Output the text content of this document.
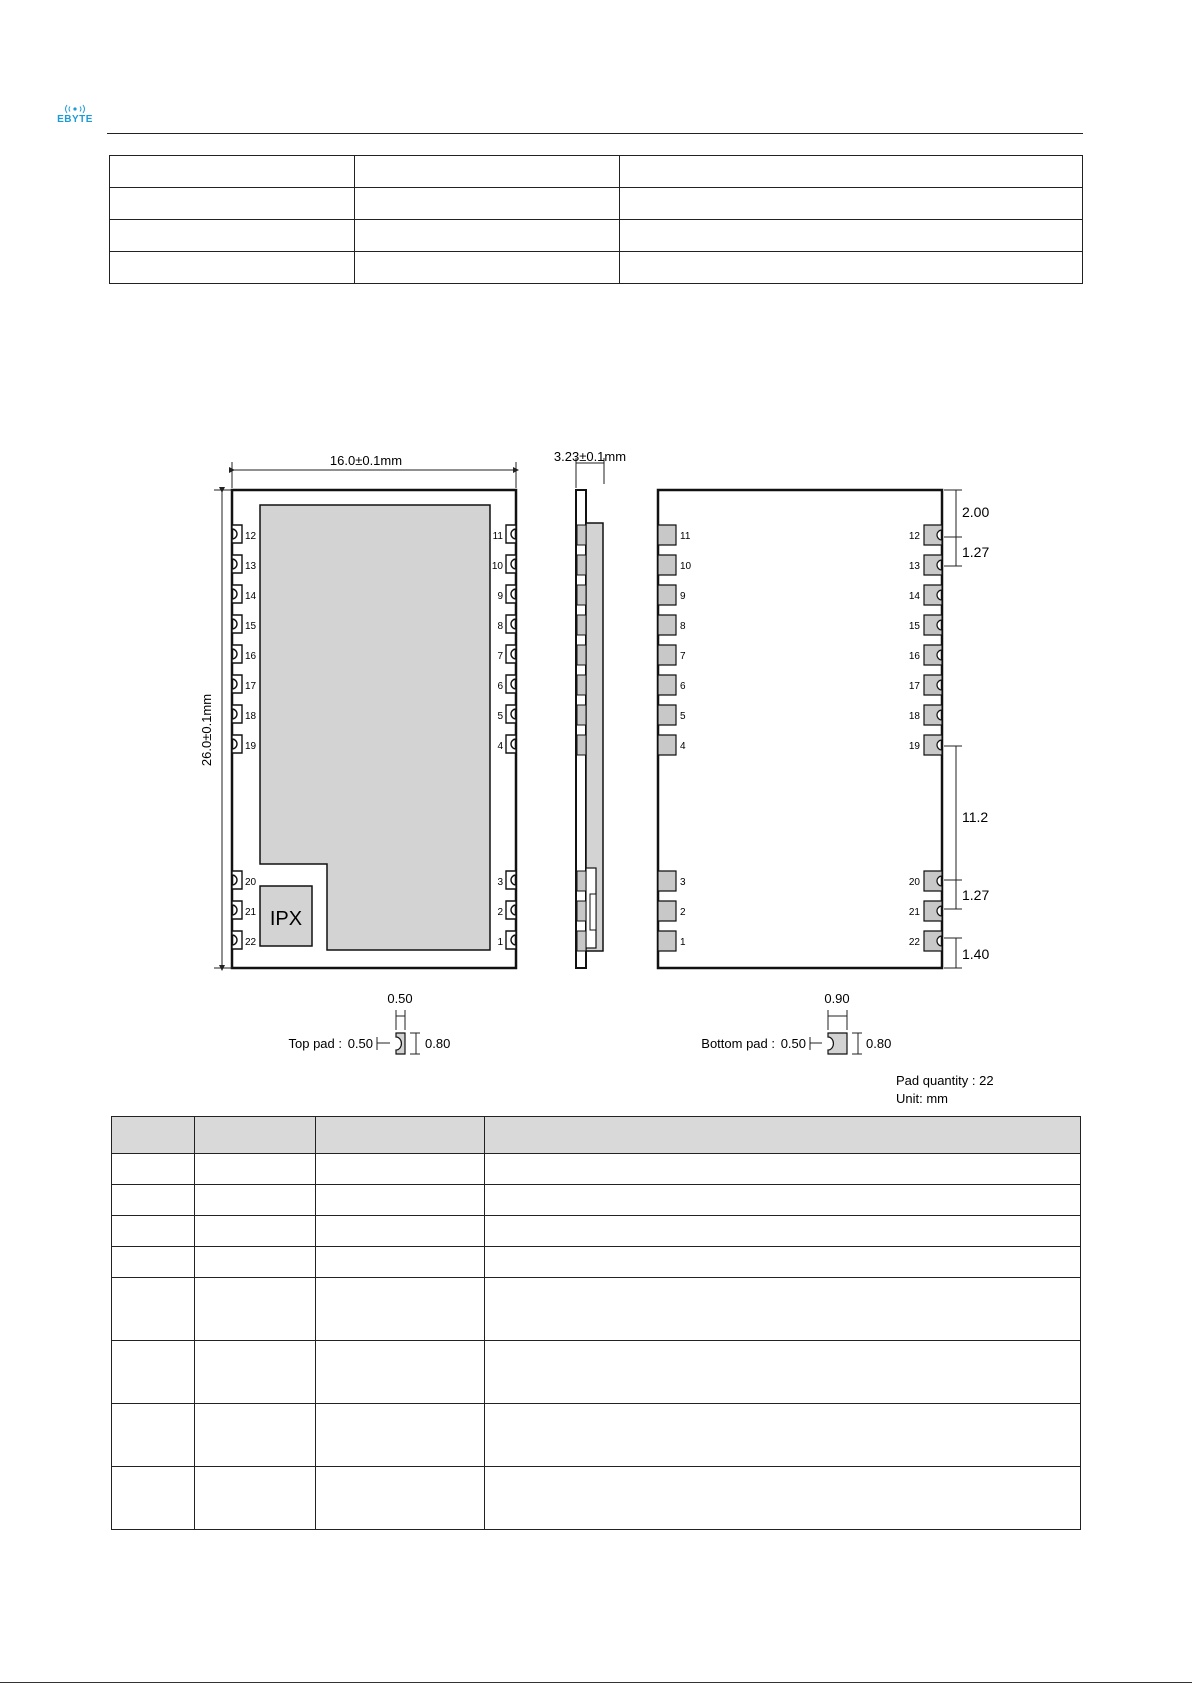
EBYTE

IPX
12
13
14
15
16
17
18
19
20
21
22
11
10
9
8
7
6
5
4
3
2
1
16.0±0.1mm
26.0±0.1mm
3.23±0.1mm
11
10
9
8
7
6
5
4
3
2
1
12
13
14
15
16
17
18
19
20
21
22
2.00
1.27
11.2
1.27
1.40
Top pad : 0.50
0.50
0.80	Bottom pad : 0.50
0.90
0.80
Pad quantity : 22
Unit: mm
